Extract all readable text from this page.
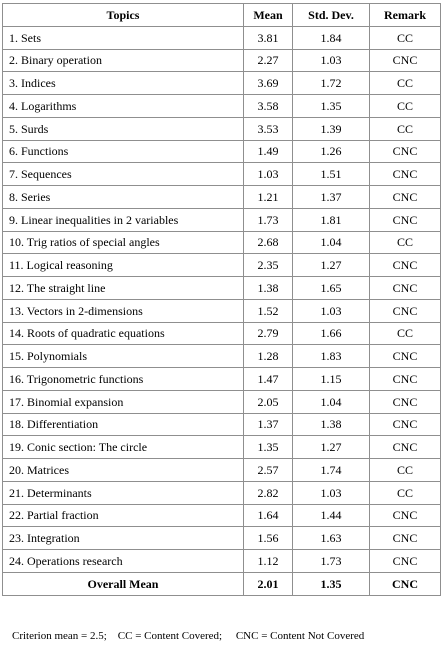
Topics	Mean	Std. Dev.	Remark
1. Sets	3.81	1.84	CC
2. Binary operation	2.27	1.03	CNC
3. Indices	3.69	1.72	CC
4. Logarithms	3.58	1.35	CC
5. Surds	3.53	1.39	CC
6. Functions	1.49	1.26	CNC
7. Sequences	1.03	1.51	CNC
8. Series	1.21	1.37	CNC
9. Linear inequalities in 2 variables	1.73	1.81	CNC
10. Trig ratios of special angles	2.68	1.04	CC
11. Logical reasoning	2.35	1.27	CNC
12. The straight line	1.38	1.65	CNC
13. Vectors in 2-dimensions	1.52	1.03	CNC
14. Roots of quadratic equations	2.79	1.66	CC
15. Polynomials	1.28	1.83	CNC
16. Trigonometric functions	1.47	1.15	CNC
17. Binomial expansion	2.05	1.04	CNC
18. Differentiation	1.37	1.38	CNC
19. Conic section: The circle	1.35	1.27	CNC
20. Matrices	2.57	1.74	CC
21. Determinants	2.82	1.03	CC
22. Partial fraction	1.64	1.44	CNC
23. Integration	1.56	1.63	CNC
24. Operations research	1.12	1.73	CNC
Overall Mean	2.01	1.35	CNC
Criterion mean = 2.5; CC = Content Covered; CNC = Content Not Covered
